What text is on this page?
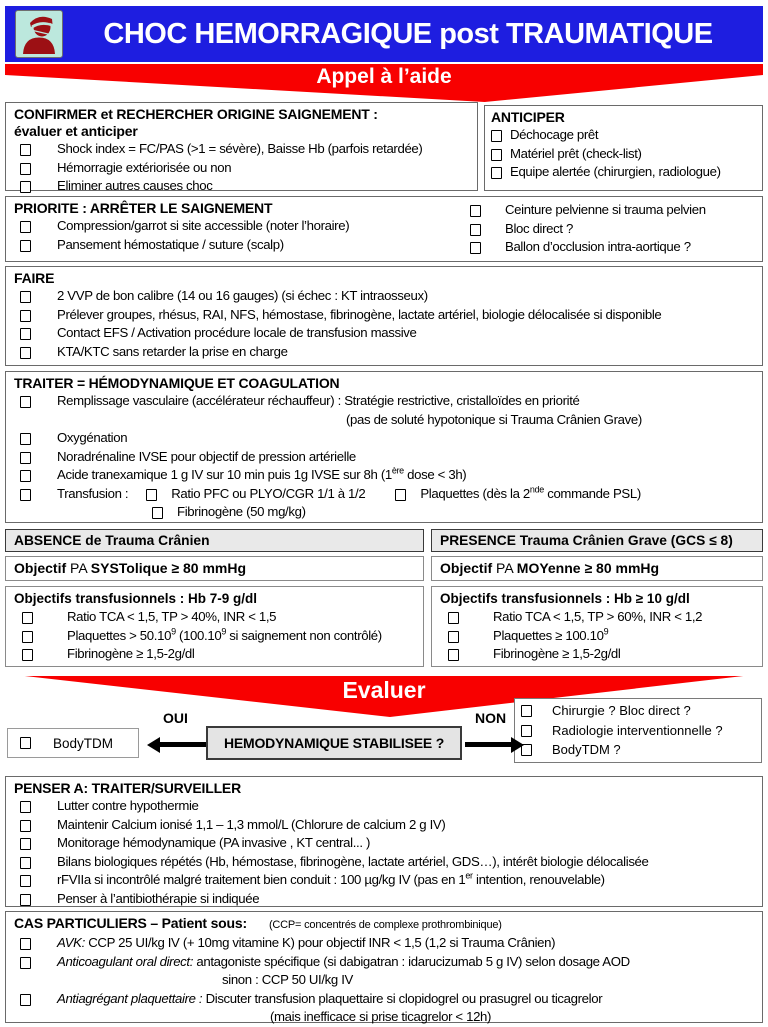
CHOC HEMORRAGIQUE post TRAUMATIQUE
Appel à l’aide
CONFIRMER et RECHERCHER ORIGINE SAIGNEMENT :
évaluer et anticiper
Shock index = FC/PAS (>1 = sévère), Baisse Hb (parfois retardée)
Hémorragie extériorisée ou non
Eliminer autres causes choc
ANTICIPER
Déchocage prêt
Matériel prêt (check-list)
Equipe alertée (chirurgien, radiologue)
PRIORITE : ARRÊTER LE SAIGNEMENT
Compression/garrot si site accessible (noter l’horaire)
Pansement hémostatique / suture (scalp)
Ceinture pelvienne si trauma pelvien
Bloc direct ?
Ballon d’occlusion intra-aortique ?
FAIRE
2 VVP de bon calibre (14 ou 16 gauges) (si échec : KT intraosseux)
Prélever groupes, rhésus, RAI, NFS, hémostase, fibrinogène, lactate artériel, biologie délocalisée si disponible
Contact EFS / Activation procédure locale de transfusion massive
KTA/KTC sans retarder la prise en charge
TRAITER = HÉMODYNAMIQUE ET COAGULATION
Remplissage vasculaire (accélérateur réchauffeur) : Stratégie restrictive, cristalloïdes en priorité
(pas de soluté hypotonique si Trauma Crânien Grave)
Oxygénation
Noradrénaline IVSE pour objectif de pression artérielle
Acide tranexamique 1 g IV sur 10 min puis 1g IVSE sur 8h (1ère dose < 3h)
Transfusion :	Ratio PFC ou PLYO/CGR 1/1 à 1/2	Plaquettes (dès la 2nde commande PSL)
Fibrinogène (50 mg/kg)
ABSENCE de Trauma Crânien
Objectif PA SYSTolique ≥ 80 mmHg
Objectifs transfusionnels : Hb 7-9 g/dl
Ratio TCA < 1,5, TP > 40%, INR < 1,5
Plaquettes > $50.10^9$ (100.10$^9$ si saignement non contrôlé)
Fibrinogène ≥ 1,5-2g/dl
PRESENCE Trauma Crânien Grave (GCS ≤ 8)
Objectif PA MOYenne ≥ 80 mmHg
Objectifs transfusionnels : Hb ≥ 10 g/dl
Ratio TCA < 1,5, TP > 60%, INR < 1,2
Plaquettes ≥ $100.10^9$
Fibrinogène ≥ 1,5-2g/dl
Evaluer
Chirurgie ? Bloc direct ?
Radiologie interventionnelle ?
BodyTDM ?
BodyTDM
OUI
HEMODYNAMIQUE STABILISEE ?
NON
PENSER A: TRAITER/SURVEILLER
Lutter contre hypothermie
Maintenir Calcium ionisé 1,1 – 1,3 mmol/L (Chlorure de calcium 2 g IV)
Monitorage hémodynamique (PA invasive , KT central... )
Bilans biologiques répétés (Hb, hémostase, fibrinogène, lactate artériel, GDS…), intérêt biologie délocalisée
rFVIIa si incontrôlé malgré traitement bien conduit : 100 µg/kg IV (pas en 1er intention, renouvelable)
Penser à l’antibiothérapie si indiquée
CAS PARTICULIERS – Patient sous: (CCP= concentrés de complexe prothrombinique)
AVK: CCP 25 UI/kg IV (+ 10mg vitamine K) pour objectif INR < 1,5 (1,2 si Trauma Crânien)
Anticoagulant oral direct: antagoniste spécifique (si dabigatran : idarucizumab 5 g IV) selon dosage AOD
sinon : CCP 50 UI/kg IV
Antiagrégant plaquettaire : Discuter transfusion plaquettaire si clopidogrel ou prasugrel ou ticagrelor
(mais inefficace si prise ticagrelor < 12h)
